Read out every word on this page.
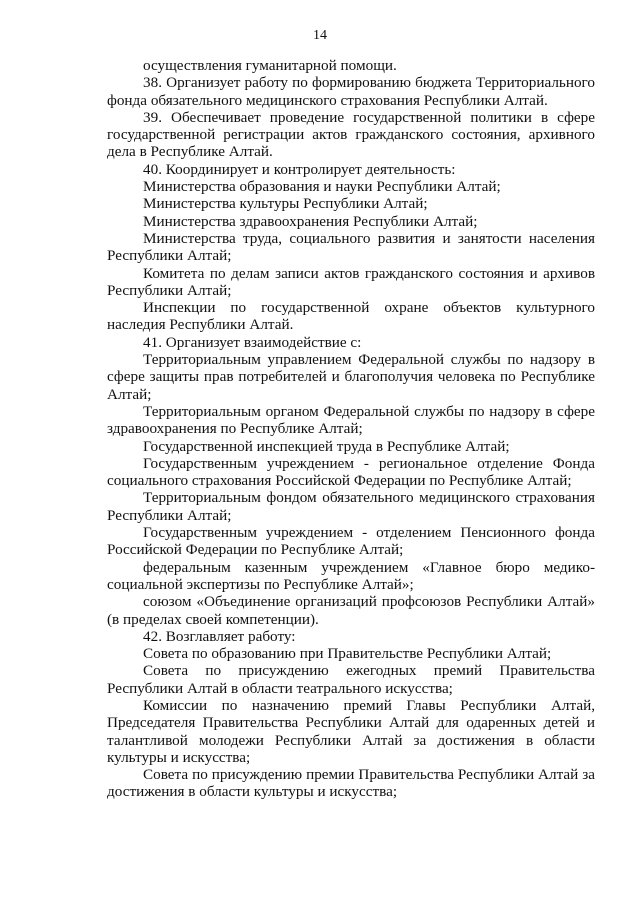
14

осуществления гуманитарной помощи.

38. Организует работу по формированию бюджета Территориального фонда обязательного медицинского страхования Республики Алтай.

39. Обеспечивает проведение государственной политики в сфере государственной регистрации актов гражданского состояния, архивного дела в Республике Алтай.

40. Координирует и контролирует деятельность:

Министерства образования и науки Республики Алтай;

Министерства культуры Республики Алтай;

Министерства здравоохранения Республики Алтай;

Министерства труда, социального развития и занятости населения Республики Алтай;

Комитета по делам записи актов гражданского состояния и архивов Республики Алтай;

Инспекции по государственной охране объектов культурного наследия Республики Алтай.

41. Организует взаимодействие с:

Территориальным управлением Федеральной службы по надзору в сфере защиты прав потребителей и благополучия человека по Республике Алтай;

Территориальным органом Федеральной службы по надзору в сфере здравоохранения по Республике Алтай;

Государственной инспекцией труда в Республике Алтай;

Государственным учреждением - региональное отделение Фонда социального страхования Российской Федерации по Республике Алтай;

Территориальным фондом обязательного медицинского страхования Республики Алтай;

Государственным учреждением - отделением Пенсионного фонда Российской Федерации по Республике Алтай;

федеральным казенным учреждением «Главное бюро медико-социальной экспертизы по Республике Алтай»;

союзом «Объединение организаций профсоюзов Республики Алтай» (в пределах своей компетенции).

42. Возглавляет работу:

Совета по образованию при Правительстве Республики Алтай;

Совета по присуждению ежегодных премий Правительства Республики Алтай в области театрального искусства;

Комиссии по назначению премий Главы Республики Алтай, Председателя Правительства Республики Алтай для одаренных детей и талантливой молодежи Республики Алтай за достижения в области культуры и искусства;

Совета по присуждению премии Правительства Республики Алтай за достижения в области культуры и искусства;
